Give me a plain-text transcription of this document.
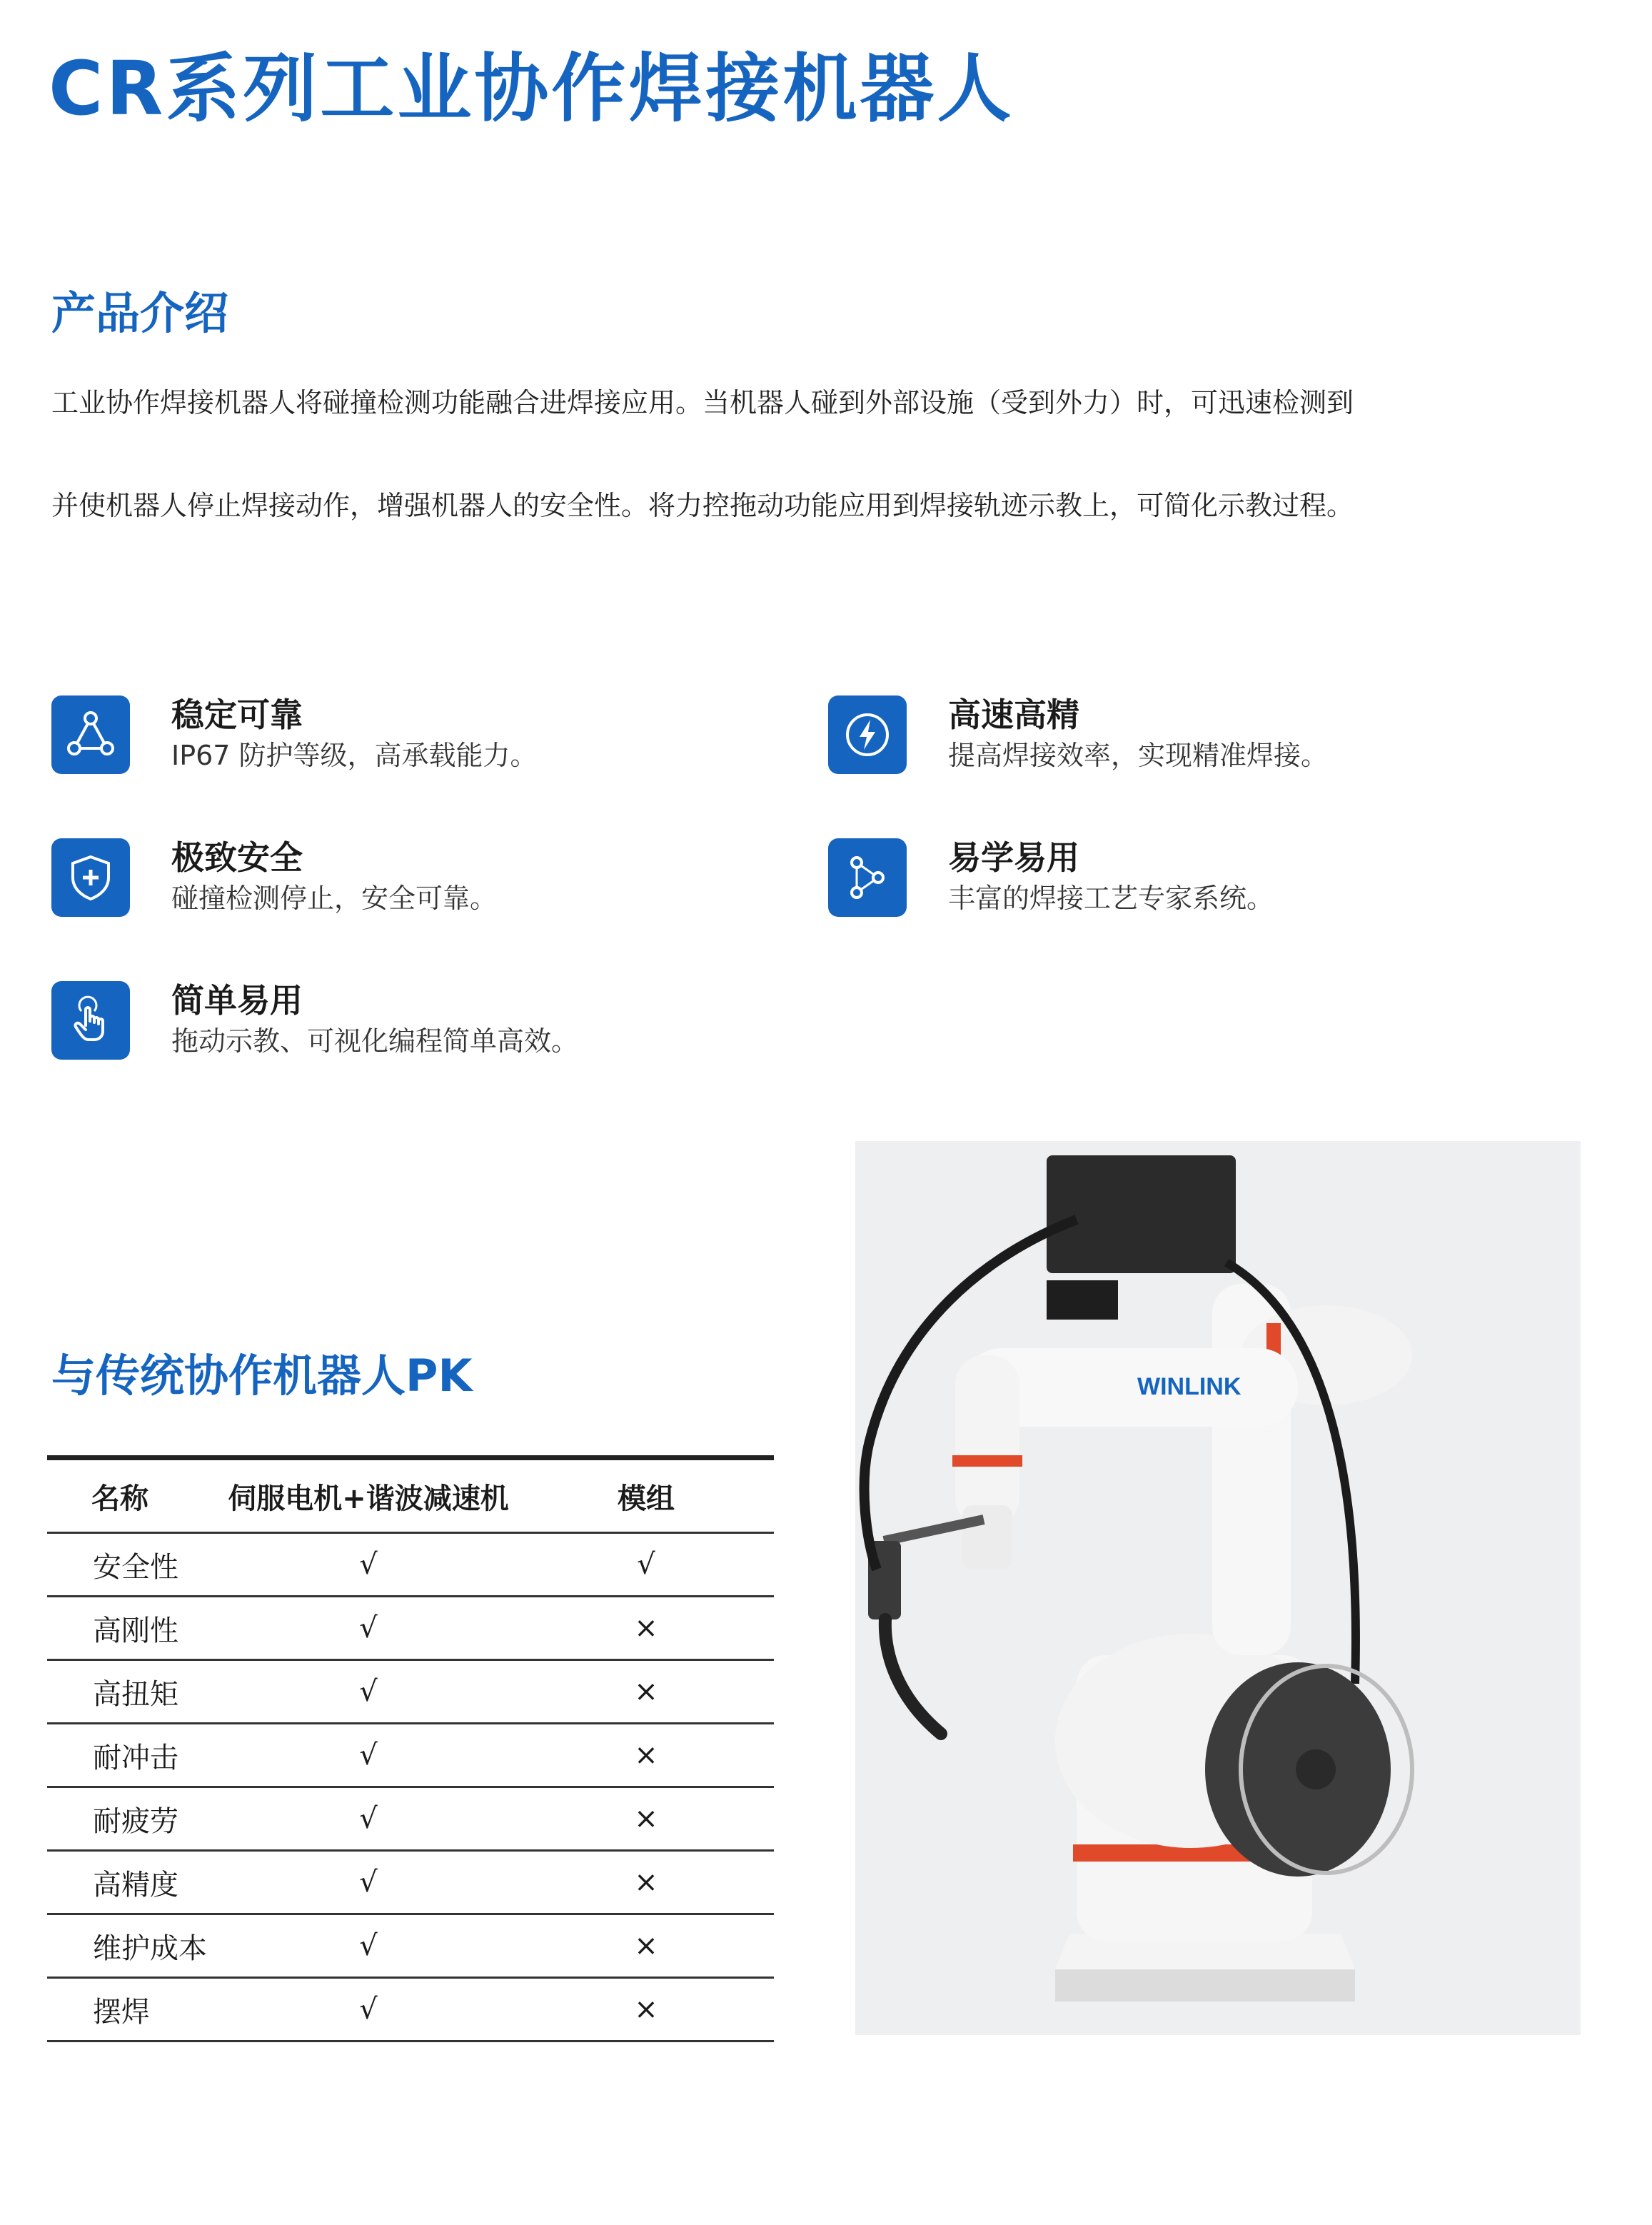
CR系列工业协作焊接机器人
产品介绍

工业协作焊接机器人将碰撞检测功能融合进焊接应用。当机器人碰到外部设施（受到外力）时，可迅速检测到

并使机器人停止焊接动作，增强机器人的安全性。将力控拖动功能应用到焊接轨迹示教上，可简化示教过程。

稳定可靠

IP67 防护等级，高承载能力。

高速高精

提高焊接效率，实现精准焊接。

极致安全

碰撞检测停止，安全可靠。

易学易用

丰富的焊接工艺专家系统。

简单易用

拖动示教、可视化编程简单高效。

与传统协作机器人PK
名称	伺服电机+谐波减速机	模组
安全性	√	√
高刚性	√	×
高扭矩	√	×
耐冲击	√	×
耐疲劳	√	×
高精度	√	×
维护成本	√	×
摆焊	√	×
WINLINK
